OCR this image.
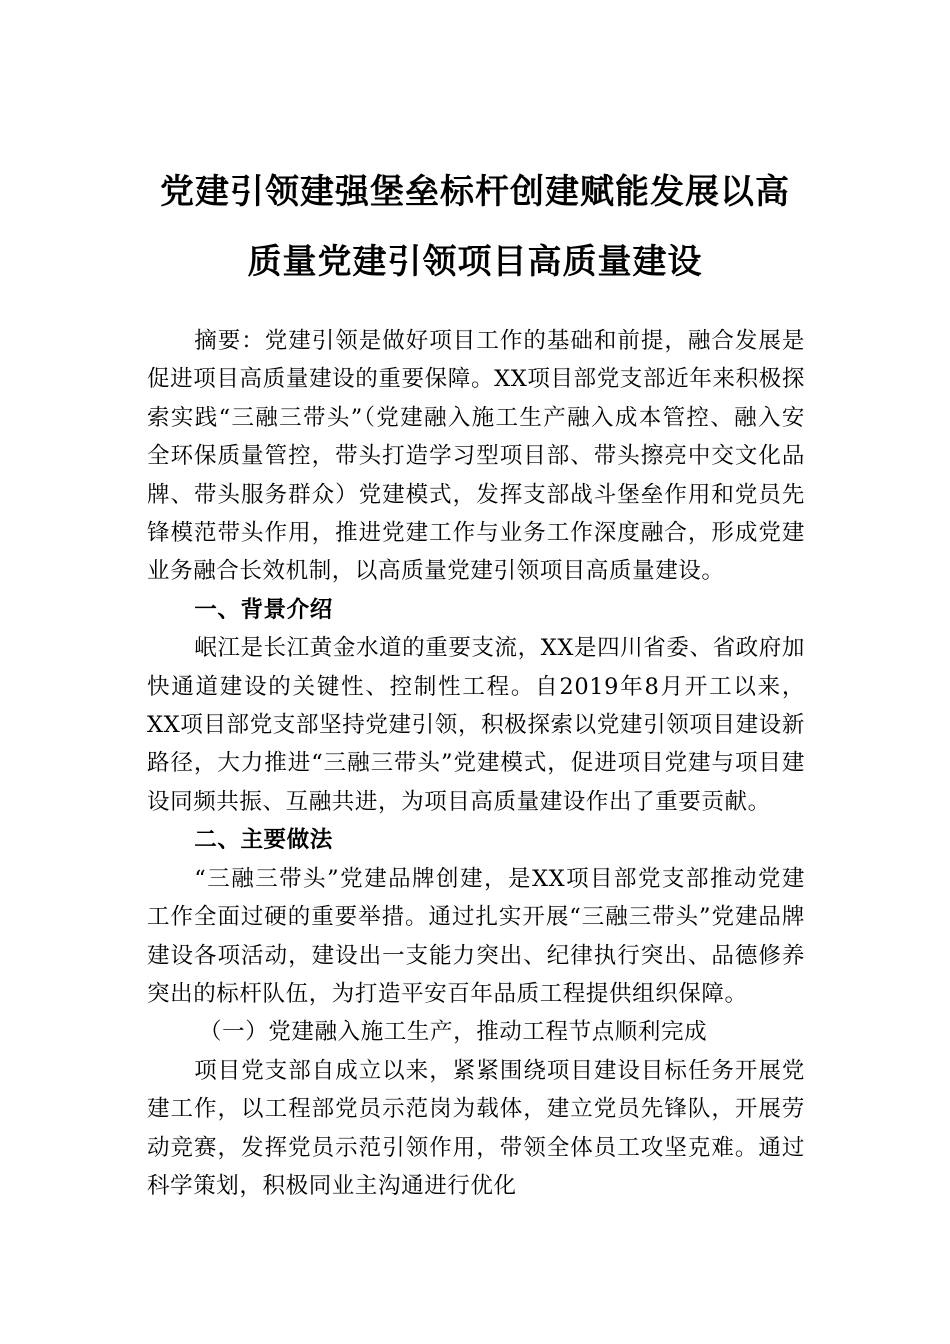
党建引领建强堡垒标杆创建赋能发展以高
质量党建引领项目高质量建设

摘要：党建引领是做好项目工作的基础和前提，融合发展是促进项目高质量建设的重要保障。XX项目部党支部近年来积极探索实践“三融三带头”（党建融入施工生产融入成本管控、融入安全环保质量管控，带头打造学习型项目部、带头擦亮中交文化品牌、带头服务群众）党建模式，发挥支部战斗堡垒作用和党员先锋模范带头作用，推进党建工作与业务工作深度融合，形成党建业务融合长效机制，以高质量党建引领项目高质量建设。

一、背景介绍

岷江是长江黄金水道的重要支流，XX是四川省委、省政府加快通道建设的关键性、控制性工程。自2019年8月开工以来，XX项目部党支部坚持党建引领，积极探索以党建引领项目建设新路径，大力推进“三融三带头”党建模式，促进项目党建与项目建设同频共振、互融共进，为项目高质量建设作出了重要贡献。

二、主要做法

“三融三带头”党建品牌创建，是XX项目部党支部推动党建工作全面过硬的重要举措。通过扎实开展“三融三带头”党建品牌建设各项活动，建设出一支能力突出、纪律执行突出、品德修养突出的标杆队伍，为打造平安百年品质工程提供组织保障。

（一）党建融入施工生产，推动工程节点顺利完成

项目党支部自成立以来，紧紧围绕项目建设目标任务开展党建工作，以工程部党员示范岗为载体，建立党员先锋队，开展劳动竞赛，发挥党员示范引领作用，带领全体员工攻坚克难。通过科学策划，积极同业主沟通进行优化
